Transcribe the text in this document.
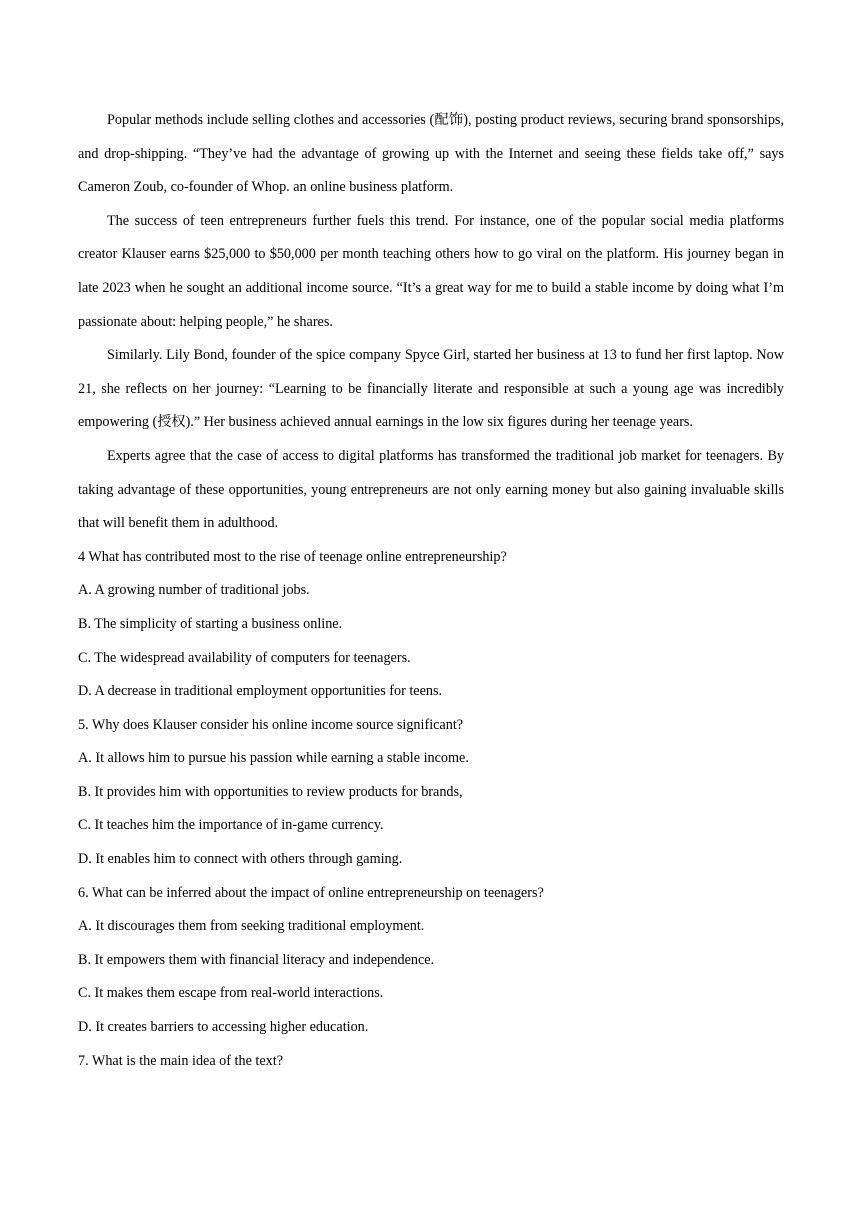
Popular methods include selling clothes and accessories (配饰), posting product reviews, securing brand sponsorships, and drop-shipping. “They’ve had the advantage of growing up with the Internet and seeing these fields take off,” says Cameron Zoub, co-founder of Whop. an online business platform.

The success of teen entrepreneurs further fuels this trend. For instance, one of the popular social media platforms creator Klauser earns $25,000 to $50,000 per month teaching others how to go viral on the platform. His journey began in late 2023 when he sought an additional income source. “It’s a great way for me to build a stable income by doing what I’m passionate about: helping people,” he shares.

Similarly. Lily Bond, founder of the spice company Spyce Girl, started her business at 13 to fund her first laptop. Now 21, she reflects on her journey: “Learning to be financially literate and responsible at such a young age was incredibly empowering (授权).” Her business achieved annual earnings in the low six figures during her teenage years.

Experts agree that the case of access to digital platforms has transformed the traditional job market for teenagers. By taking advantage of these opportunities, young entrepreneurs are not only earning money but also gaining invaluable skills that will benefit them in adulthood.

4 What has contributed most to the rise of teenage online entrepreneurship?

A. A growing number of traditional jobs.

B. The simplicity of starting a business online.

C. The widespread availability of computers for teenagers.

D. A decrease in traditional employment opportunities for teens.

5. Why does Klauser consider his online income source significant?

A. It allows him to pursue his passion while earning a stable income.

B. It provides him with opportunities to review products for brands,

C. It teaches him the importance of in-game currency.

D. It enables him to connect with others through gaming.

6. What can be inferred about the impact of online entrepreneurship on teenagers?

A. It discourages them from seeking traditional employment.

B. It empowers them with financial literacy and independence.

C. It makes them escape from real-world interactions.

D. It creates barriers to accessing higher education.

7. What is the main idea of the text?
